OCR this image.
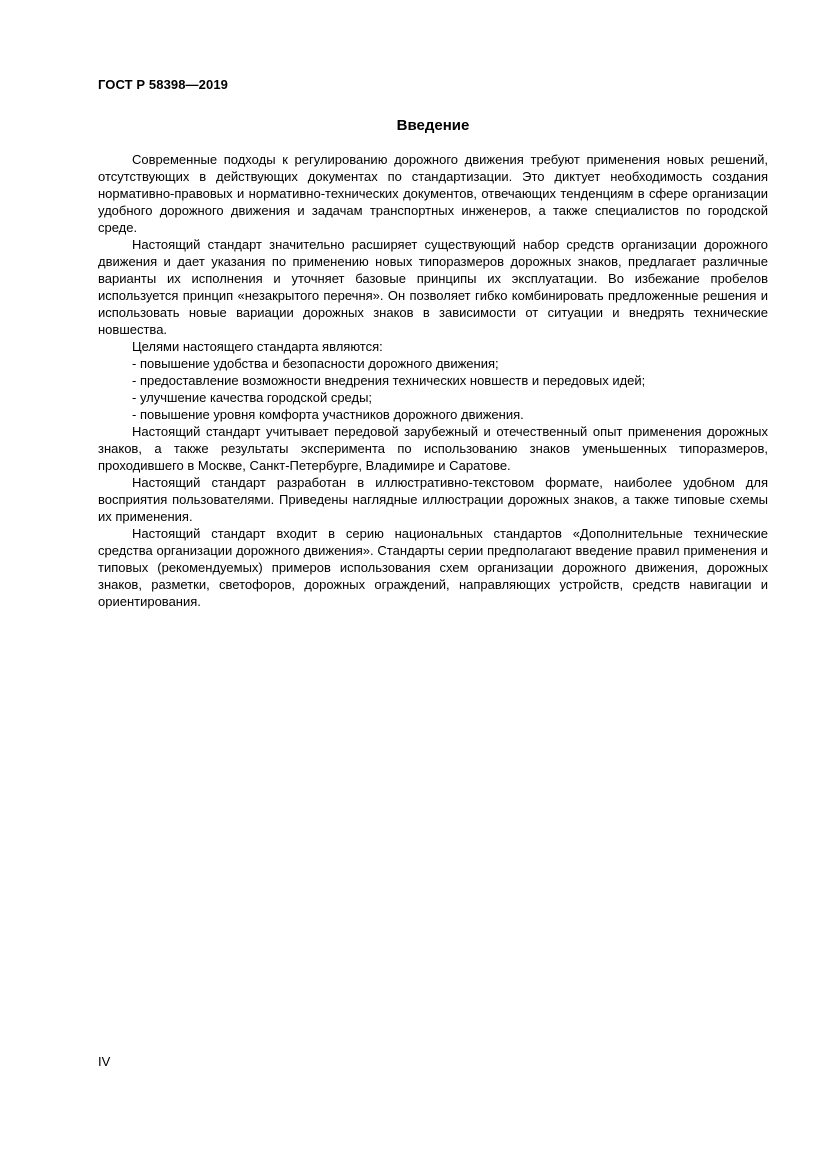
ГОСТ Р 58398—2019
Введение

Современные подходы к регулированию дорожного движения требуют применения новых решений, отсутствующих в действующих документах по стандартизации. Это диктует необходимость создания нормативно-правовых и нормативно-технических документов, отвечающих тенденциям в сфере организации удобного дорожного движения и задачам транспортных инженеров, а также специалистов по городской среде.

Настоящий стандарт значительно расширяет существующий набор средств организации дорожного движения и дает указания по применению новых типоразмеров дорожных знаков, предлагает различные варианты их исполнения и уточняет базовые принципы их эксплуатации. Во избежание пробелов используется принцип «незакрытого перечня». Он позволяет гибко комбинировать предложенные решения и использовать новые вариации дорожных знаков в зависимости от ситуации и внедрять технические новшества.

Целями настоящего стандарта являются:

- повышение удобства и безопасности дорожного движения;

- предоставление возможности внедрения технических новшеств и передовых идей;

- улучшение качества городской среды;

- повышение уровня комфорта участников дорожного движения.

Настоящий стандарт учитывает передовой зарубежный и отечественный опыт применения дорожных знаков, а также результаты эксперимента по использованию знаков уменьшенных типоразмеров, проходившего в Москве, Санкт-Петербурге, Владимире и Саратове.

Настоящий стандарт разработан в иллюстративно-текстовом формате, наиболее удобном для восприятия пользователями. Приведены наглядные иллюстрации дорожных знаков, а также типовые схемы их применения.

Настоящий стандарт входит в серию национальных стандартов «Дополнительные технические средства организации дорожного движения». Стандарты серии предполагают введение правил применения и типовых (рекомендуемых) примеров использования схем организации дорожного движения, дорожных знаков, разметки, светофоров, дорожных ограждений, направляющих устройств, средств навигации и ориентирования.

IV
